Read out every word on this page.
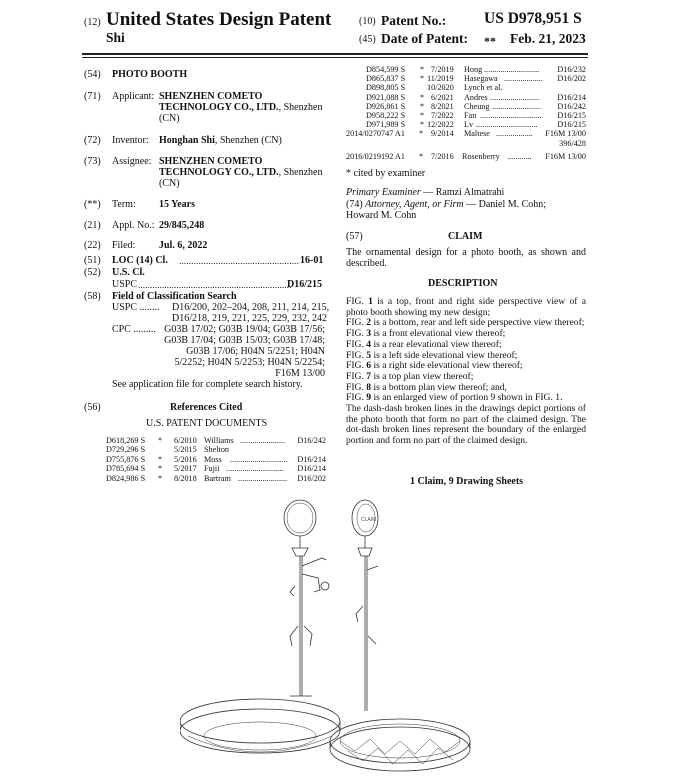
(12) United States Design Patent
Shi
(10) Patent No.: US D978,951 S
(45) Date of Patent: ** Feb. 21, 2023
(54) PHOTO BOOTH
(71) Applicant: SHENZHEN COMETO
TECHNOLOGY CO., LTD., Shenzhen
(CN)
(72) Inventor: Honghan Shi, Shenzhen (CN)
(73) Assignee: SHENZHEN COMETO
TECHNOLOGY CO., LTD., Shenzhen
(CN)
(**) Term: 15 Years
(21) Appl. No.: 29/845,248
(22) Filed: Jul. 6, 2022
(51) LOC (14) Cl. ................................................. 16-01
(52) U.S. Cl.
USPC ................................................................
D16/215
(58) Field of Classification Search
USPC ........ D16/200, 202–204, 208, 211, 214, 215,
D16/218, 219, 221, 225, 229, 232, 242
CPC ......... G03B 17/02; G03B 19/04; G03B 17/56;
G03B 17/04; G03B 15/03; G03B 17/48;
G03B 17/06; H04N 5/2251; H04N
5/2252; H04N 5/2253; H04N 5/2254;
F16M 13/00
See application file for complete search history.
(56)	References Cited
U.S. PATENT DOCUMENTS
D618,269 S * 6/2010 Williams ...................... D16/242
D729,296 S	5/2015 Shelton
D755,876 S * 5/2016 Moss ............................ D16/214
D785,694 S * 5/2017 Fujii ............................ D16/214
D824,986 S * 8/2018 Bartram ........................ D16/202
D854,599 S * 7/2019 Hong ........................... D16/232
D865,837 S * 11/2019 Hasegawa ................... D16/202
D898,805 S	10/2020 Lynch et al.
D921,088 S * 6/2021 Andres ........................ D16/214
D926,861 S * 8/2021 Cheung ........................ D16/242
D958,222 S * 7/2022 Fan .............................. D16/215
D971,989 S * 12/2022 Lv .............................. D16/215
2014/0270747 A1 * 9/2014 Maltese .................. F16M 13/00
396/428
2016/0219192 A1 * 7/2016 Rosenberry ............ F16M 13/00
* cited by examiner
Primary Examiner — Ramzi Almatrahi
(74) Attorney, Agent, or Firm — Daniel M. Cohn;
Howard M. Cohn
(57)	CLAIM
The ornamental design for a photo booth, as shown and described.
DESCRIPTION
FIG. 1 is a top, front and right side perspective view of a photo booth showing my new design;
FIG. 2 is a bottom, rear and left side perspective view thereof;
FIG. 3 is a front elevational view thereof;
FIG. 4 is a rear elevational view thereof;
FIG. 5 is a left side elevational view thereof;
FIG. 6 is a right side elevational view thereof;
FIG. 7 is a top plan view thereof;
FIG. 8 is a bottom plan view thereof; and,
FIG. 9 is an enlarged view of portion 9 shown in FIG. 1.
The dash-dash broken lines in the drawings depict portions of the photo booth that form no part of the claimed design. The dot-dash broken lines represent the boundary of the enlarged portion and form no part of the claimed design.
1 Claim, 9 Drawing Sheets
CLAIM
